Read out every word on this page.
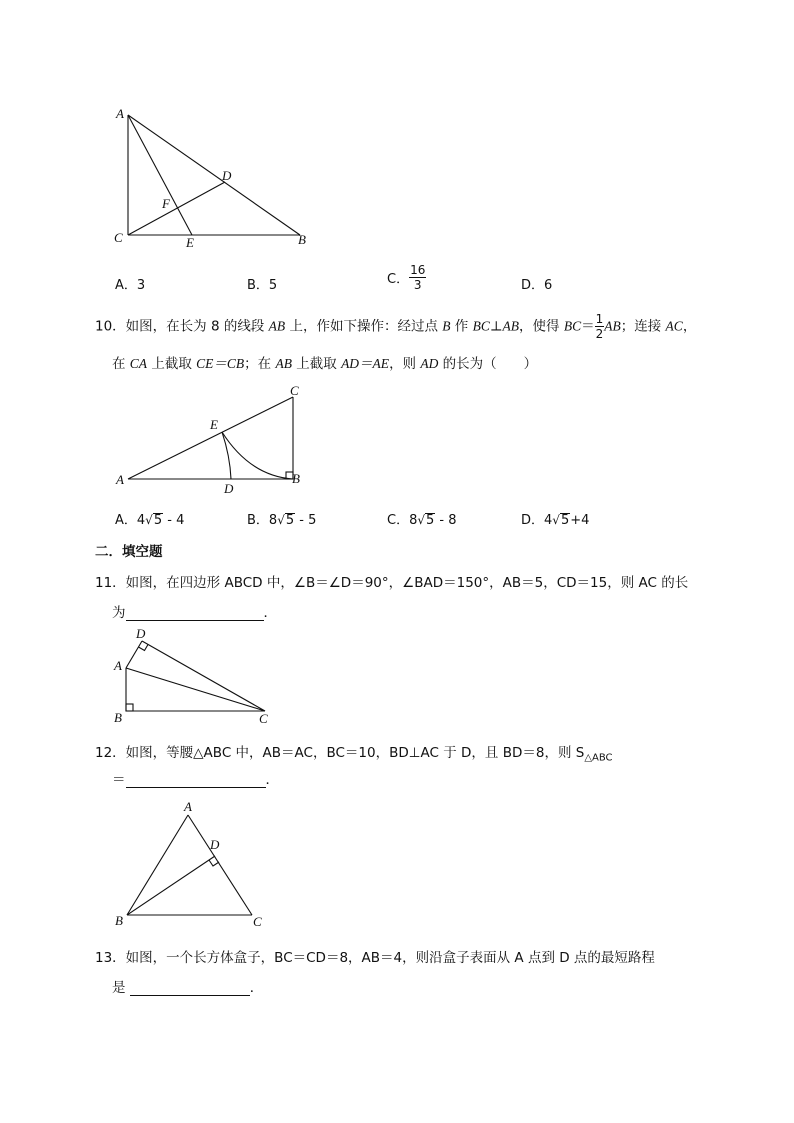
A
C	B
D
E
F
A．3	B．5	C． $\frac{16}{3}$	D．6
10．如图，在长为 8 的线段 AB 上，作如下操作：经过点 B 作 BC⊥AB，使得 $BC= \frac{1}{2}$ AB；连接 AC，
在 CA 上截取 CE＝CB；在 AB 上截取 AD＝AE，则 AD 的长为（　　）
A	B
C
D
E
A．4√5 - 4	B．8√5 - 5	C．8√5 - 8	D．4√5+4
二．填空题
11．如图，在四边形 ABCD 中，∠B＝∠D＝90°，∠BAD＝150°，AB＝5，CD＝15，则 AC 的长
为	．
A
B	C
D
12．如图，等腰△ABC 中，AB＝AC，BC＝10，BD⊥AC 于 D，且 BD＝8，则 $S_{\triangle ABC}$
＝	．
A
B	C
D
13．如图，一个长方体盒子，BC＝CD＝8，AB＝4，则沿盒子表面从 A 点到 D 点的最短路程
是	．
